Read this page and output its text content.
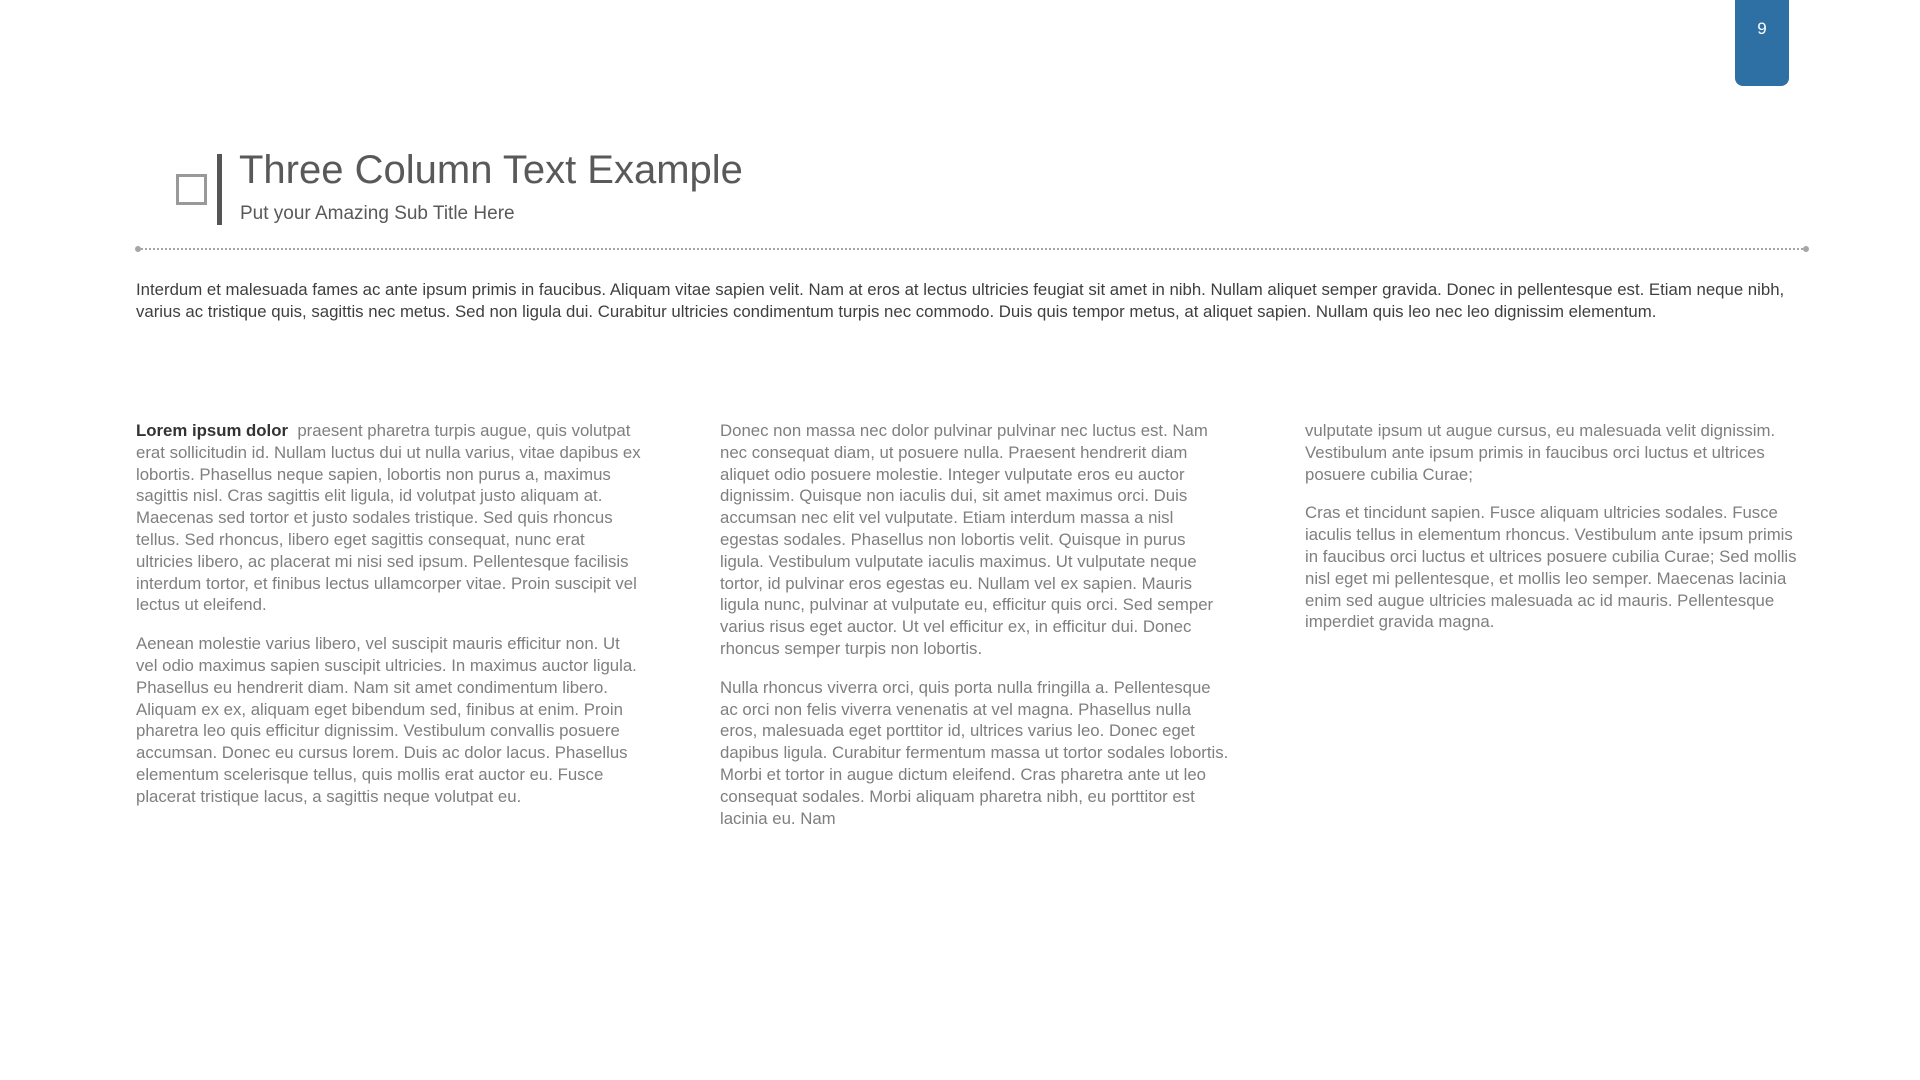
9
Three Column Text Example

Put your Amazing Sub Title Here

Interdum et malesuada fames ac ante ipsum primis in faucibus. Aliquam vitae sapien velit. Nam at eros at lectus ultricies feugiat sit amet in nibh. Nullam aliquet semper gravida. Donec in pellentesque est. Etiam neque nibh, varius ac tristique quis, sagittis nec metus. Sed non ligula dui. Curabitur ultricies condimentum turpis nec commodo. Duis quis tempor metus, at aliquet sapien. Nullam quis leo nec leo dignissim elementum.

Lorem ipsum dolor praesent pharetra turpis augue, quis volutpat erat sollicitudin id. Nullam luctus dui ut nulla varius, vitae dapibus ex lobortis. Phasellus neque sapien, lobortis non purus a, maximus sagittis nisl. Cras sagittis elit ligula, id volutpat justo aliquam at. Maecenas sed tortor et justo sodales tristique. Sed quis rhoncus tellus. Sed rhoncus, libero eget sagittis consequat, nunc erat ultricies libero, ac placerat mi nisi sed ipsum. Pellentesque facilisis interdum tortor, et finibus lectus ullamcorper vitae. Proin suscipit vel lectus ut eleifend.

Aenean molestie varius libero, vel suscipit mauris efficitur non. Ut vel odio maximus sapien suscipit ultricies. In maximus auctor ligula. Phasellus eu hendrerit diam. Nam sit amet condimentum libero. Aliquam ex ex, aliquam eget bibendum sed, finibus at enim. Proin pharetra leo quis efficitur dignissim. Vestibulum convallis posuere accumsan. Donec eu cursus lorem. Duis ac dolor lacus. Phasellus elementum scelerisque tellus, quis mollis erat auctor eu. Fusce placerat tristique lacus, a sagittis neque volutpat eu.

Donec non massa nec dolor pulvinar pulvinar nec luctus est. Nam nec consequat diam, ut posuere nulla. Praesent hendrerit diam aliquet odio posuere molestie. Integer vulputate eros eu auctor dignissim. Quisque non iaculis dui, sit amet maximus orci. Duis accumsan nec elit vel vulputate. Etiam interdum massa a nisl egestas sodales. Phasellus non lobortis velit. Quisque in purus ligula. Vestibulum vulputate iaculis maximus. Ut vulputate neque tortor, id pulvinar eros egestas eu. Nullam vel ex sapien. Mauris ligula nunc, pulvinar at vulputate eu, efficitur quis orci. Sed semper varius risus eget auctor. Ut vel efficitur ex, in efficitur dui. Donec rhoncus semper turpis non lobortis.

Nulla rhoncus viverra orci, quis porta nulla fringilla a. Pellentesque ac orci non felis viverra venenatis at vel magna. Phasellus nulla eros, malesuada eget porttitor id, ultrices varius leo. Donec eget dapibus ligula. Curabitur fermentum massa ut tortor sodales lobortis. Morbi et tortor in augue dictum eleifend. Cras pharetra ante ut leo consequat sodales. Morbi aliquam pharetra nibh, eu porttitor est lacinia eu. Nam

vulputate ipsum ut augue cursus, eu malesuada velit dignissim. Vestibulum ante ipsum primis in faucibus orci luctus et ultrices posuere cubilia Curae;

Cras et tincidunt sapien. Fusce aliquam ultricies sodales. Fusce iaculis tellus in elementum rhoncus. Vestibulum ante ipsum primis in faucibus orci luctus et ultrices posuere cubilia Curae; Sed mollis nisl eget mi pellentesque, et mollis leo semper. Maecenas lacinia enim sed augue ultricies malesuada ac id mauris. Pellentesque imperdiet gravida magna.
